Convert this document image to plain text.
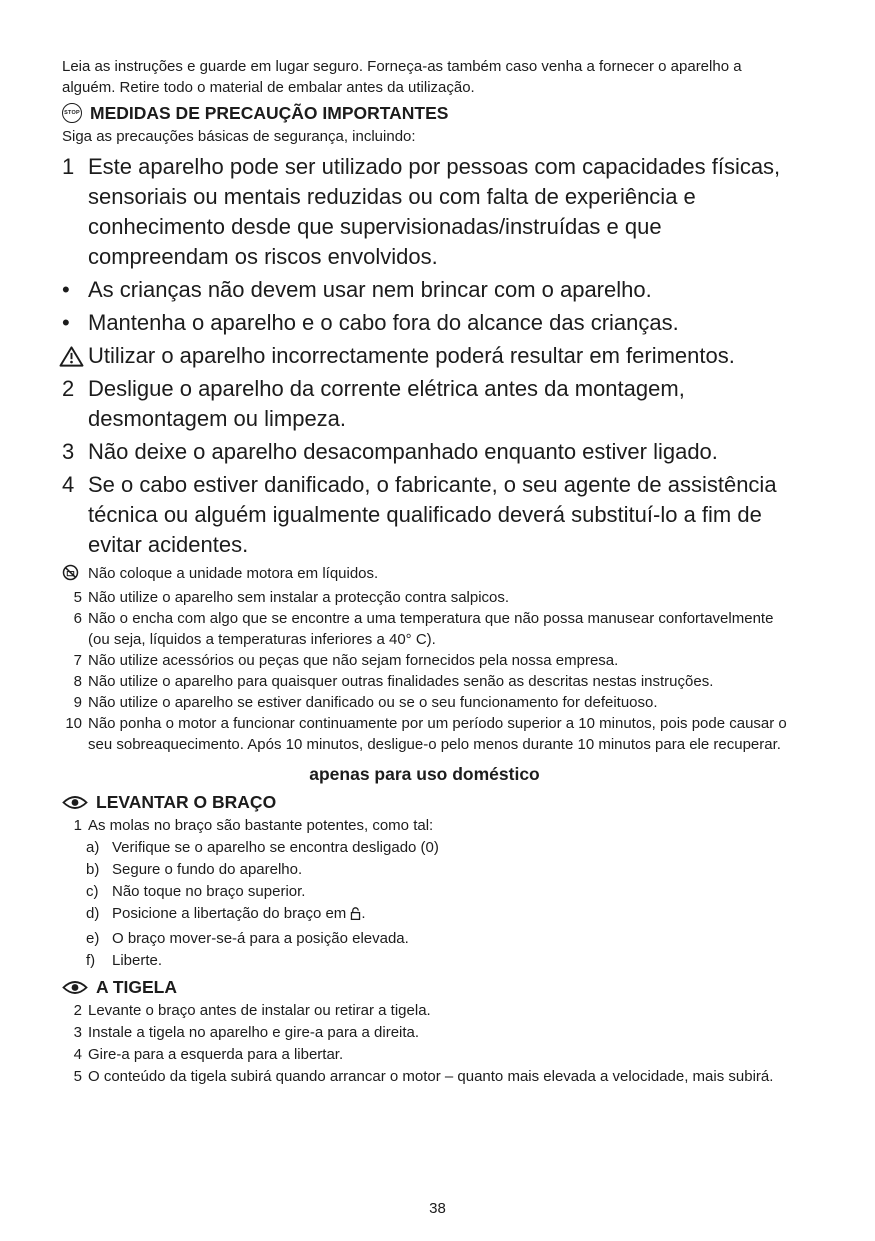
Leia as instruções e guarde em lugar seguro. Forneça-as também caso venha a fornecer o aparelho a alguém. Retire todo o material de embalar antes da utilização.

STOP MEDIDAS DE PRECAUÇÃO IMPORTANTES

Siga as precauções básicas de segurança, incluindo:

1 Este aparelho pode ser utilizado por pessoas com capacidades físicas, sensoriais ou mentais reduzidas ou com falta de experiência e conhecimento desde que supervisionadas/instruídas e que compreendam os riscos envolvidos.
• As crianças não devem usar nem brincar com o aparelho.
• Mantenha o aparelho e o cabo fora do alcance das crianças.
Utilizar o aparelho incorrectamente poderá resultar em ferimentos.
2 Desligue o aparelho da corrente elétrica antes da montagem, desmontagem ou limpeza.
3 Não deixe o aparelho desacompanhado enquanto estiver ligado.
4 Se o cabo estiver danificado, o fabricante, o seu agente de assistência técnica ou alguém igualmente qualificado deverá substituí-lo a fim de evitar acidentes.
Não coloque a unidade motora em líquidos.
5 Não utilize o aparelho sem instalar a protecção contra salpicos.
6 Não o encha com algo que se encontre a uma temperatura que não possa manusear confortavelmente (ou seja, líquidos a temperaturas inferiores a 40° C).
7 Não utilize acessórios ou peças que não sejam fornecidos pela nossa empresa.
8 Não utilize o aparelho para quaisquer outras finalidades senão as descritas nestas instruções.
9 Não utilize o aparelho se estiver danificado ou se o seu funcionamento for defeituoso.
10 Não ponha o motor a funcionar continuamente por um período superior a 10 minutos, pois pode causar o seu sobreaquecimento. Após 10 minutos, desligue-o pelo menos durante 10 minutos para ele recuperar.
apenas para uso doméstico
LEVANTAR O BRAÇO
1 As molas no braço são bastante potentes, como tal:
a) Verifique se o aparelho se encontra desligado (0)
b) Segure o fundo do aparelho.
c) Não toque no braço superior.
d) Posicione a libertação do braço em .
e) O braço mover-se-á para a posição elevada.
f)	Liberte.
A TIGELA
2 Levante o braço antes de instalar ou retirar a tigela.
3 Instale a tigela no aparelho e gire-a para a direita.
4 Gire-a para a esquerda para a libertar.
5 O conteúdo da tigela subirá quando arrancar o motor – quanto mais elevada a velocidade, mais subirá.
38
